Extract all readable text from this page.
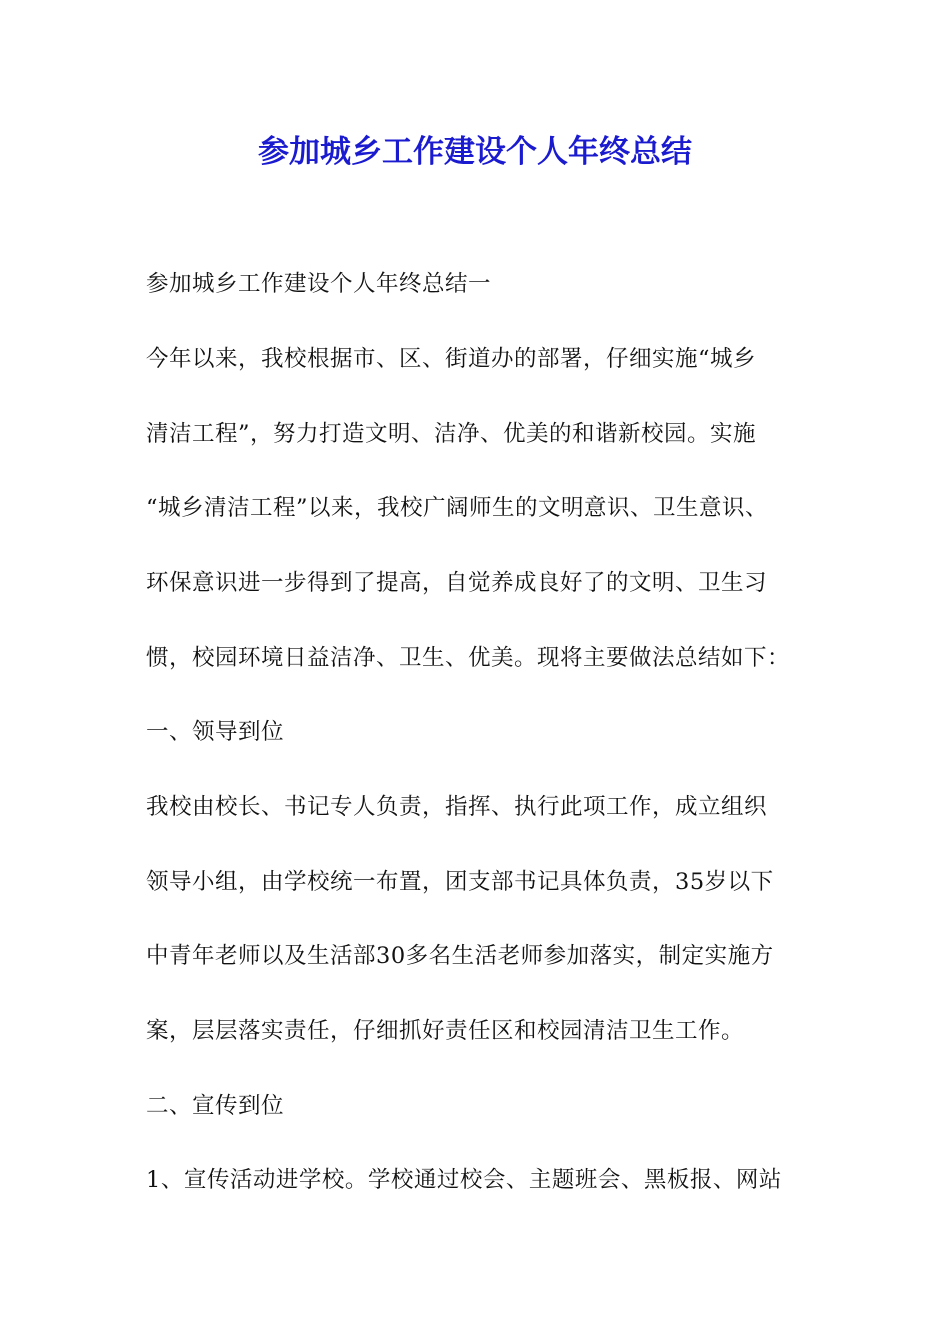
参加城乡工作建设个人年终总结

参加城乡工作建设个人年终总结一

今年以来，我校根据市、区、街道办的部署，仔细实施“城乡

清洁工程”，努力打造文明、洁净、优美的和谐新校园。实施

“城乡清洁工程”以来，我校广阔师生的文明意识、卫生意识、

环保意识进一步得到了提高，自觉养成良好了的文明、卫生习

惯，校园环境日益洁净、卫生、优美。现将主要做法总结如下：

一、领导到位

我校由校长、书记专人负责，指挥、执行此项工作，成立组织

领导小组，由学校统一布置，团支部书记具体负责，35岁以下

中青年老师以及生活部30多名生活老师参加落实，制定实施方

案，层层落实责任，仔细抓好责任区和校园清洁卫生工作。

二、宣传到位

1、宣传活动进学校。学校通过校会、主题班会、黑板报、网站
